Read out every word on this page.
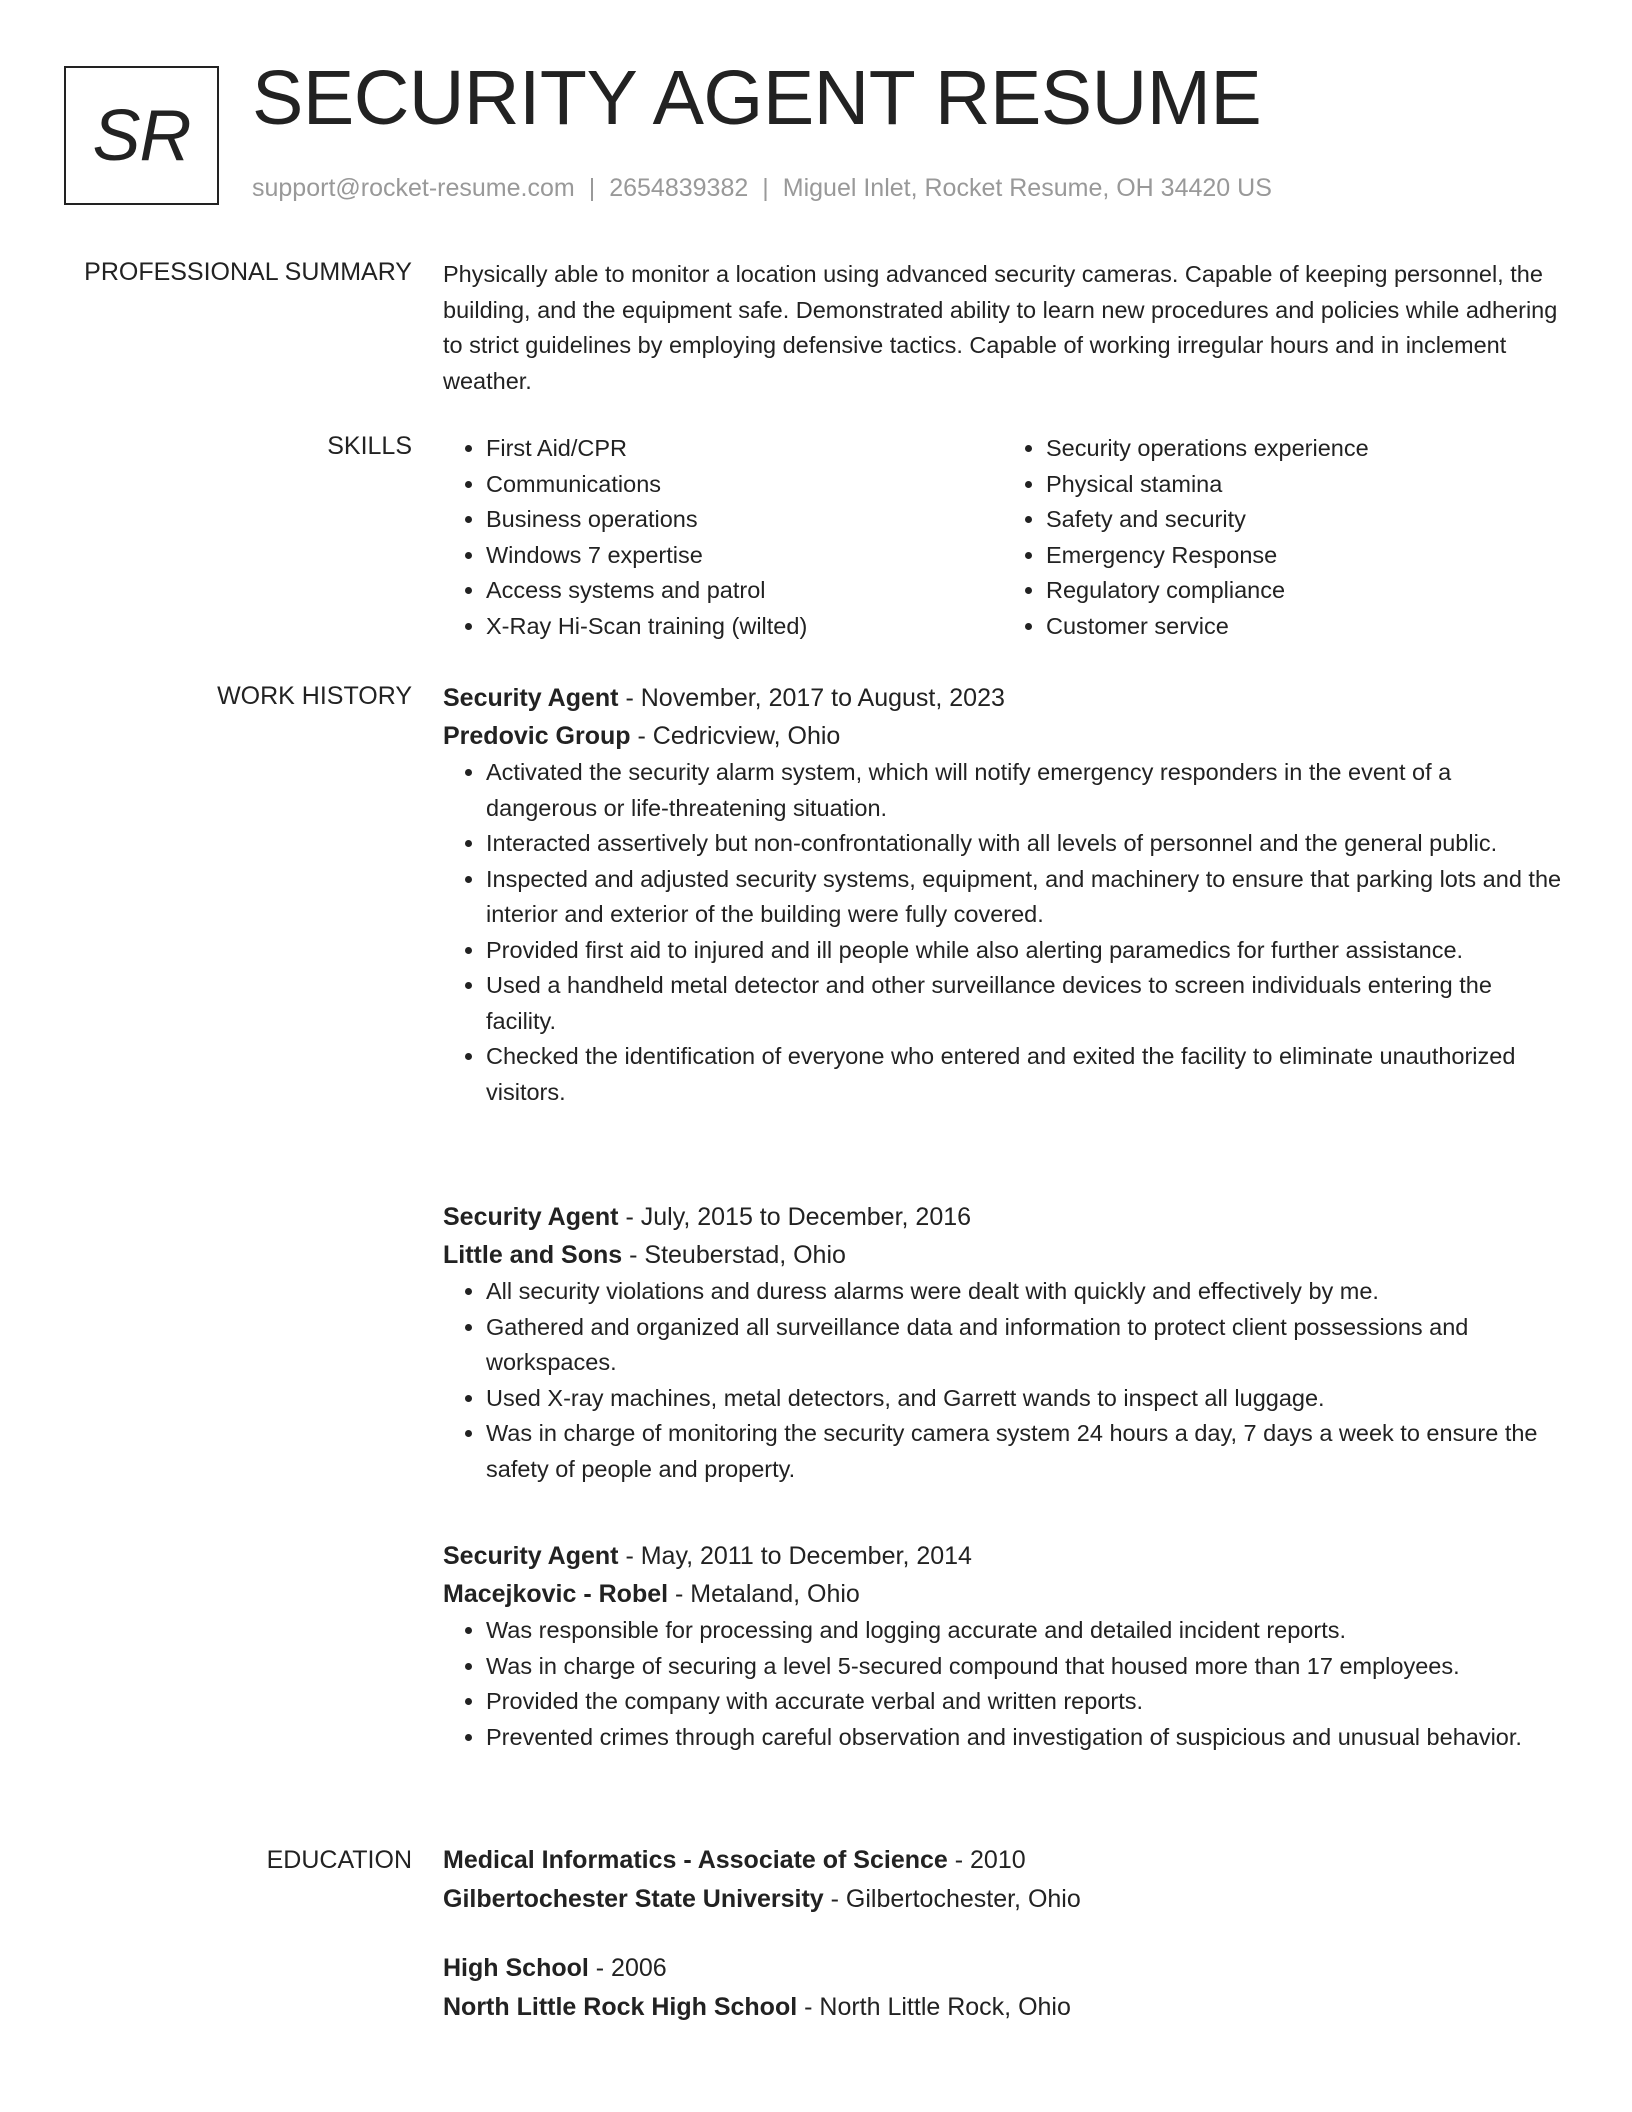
SR SECURITY AGENT RESUME
support@rocket-resume.com | 2654839382 | Miguel Inlet, Rocket Resume, OH 34420 US
PROFESSIONAL SUMMARY Physically able to monitor a location using advanced security cameras. Capable of keeping personnel, the building, and the equipment safe. Demonstrated ability to learn new procedures and policies while adhering to strict guidelines by employing defensive tactics. Capable of working irregular hours and in inclement weather.
SKILLS
•	First Aid/CPR
• Communications
• Business operations
• Windows 7 expertise
• Access systems and patrol
• X-Ray Hi-Scan training (wilted)
• Security operations experience
• Physical stamina
• Safety and security
• Emergency Response
• Regulatory compliance
• Customer service
WORK HISTORY Security Agent - November, 2017 to August, 2023
Predovic Group - Cedricview, Ohio
• Activated the security alarm system, which will notify emergency responders in the event of a dangerous or life-threatening situation.
• Interacted assertively but non-confrontationally with all levels of personnel and the general public.
• Inspected and adjusted security systems, equipment, and machinery to ensure that parking lots and the interior and exterior of the building were fully covered.
• Provided first aid to injured and ill people while also alerting paramedics for further assistance.
• Used a handheld metal detector and other surveillance devices to screen individuals entering the facility.
• Checked the identification of everyone who entered and exited the facility to eliminate unauthorized visitors.
Security Agent - July, 2015 to December, 2016
Little and Sons - Steuberstad, Ohio
• All security violations and duress alarms were dealt with quickly and effectively by me.
• Gathered and organized all surveillance data and information to protect client possessions and workspaces.
• Used X-ray machines, metal detectors, and Garrett wands to inspect all luggage.
• Was in charge of monitoring the security camera system 24 hours a day, 7 days a week to ensure the safety of people and property.
Security Agent - May, 2011 to December, 2014
Macejkovic - Robel - Metaland, Ohio
• Was responsible for processing and logging accurate and detailed incident reports.
• Was in charge of securing a level 5-secured compound that housed more than 17 employees.
• Provided the company with accurate verbal and written reports.
• Prevented crimes through careful observation and investigation of suspicious and unusual behavior.
EDUCATION Medical Informatics - Associate of Science - 2010
Gilbertochester State University - Gilbertochester, Ohio
High School - 2006
North Little Rock High School - North Little Rock, Ohio
